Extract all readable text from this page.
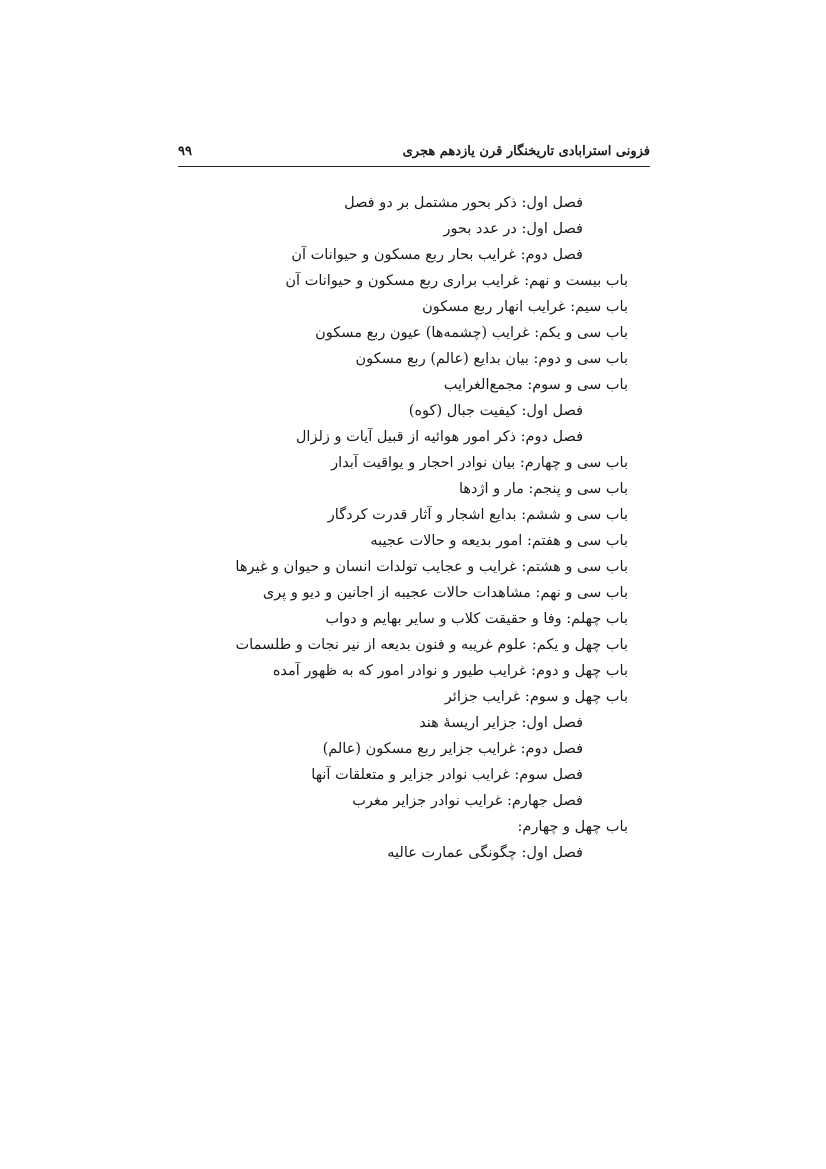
۹۹	فزونی استرابادی تاریخنگار قرن یازدهم هجری
فصل اول: ذکر بحور مشتمل بر دو فصل
فصل اول: در عدد بحور
فصل دوم: غرایب بحار ربع مسکون و حیوانات آن
باب بیست و نهم: غرایب براری ربع مسکون و حیوانات آن
باب سیم: غرایب انهار ربع مسکون
باب سی و یکم: غرایب (چشمه‌ها) عیون ربع مسکون
باب سی و دوم: بیان بدایع (عالم) ربع مسکون
باب سی و سوم: مجمع‌الغرایب
فصل اول: کیفیت جبال (کوه)
فصل دوم: ذکر امور هوائیه از قبیل آیات و زلزال
باب سی و چهارم: بیان نوادر احجار و یواقیت آبدار
باب سی و پنجم: مار و اژدها
باب سی و ششم: بدایع اشجار و آثار قدرت کردگار
باب سی و هفتم: امور بدیعه و حالات عجیبه
باب سی و هشتم: غرایب و عجایب تولدات انسان و حیوان و غیرها
باب سی و نهم: مشاهدات حالات عجیبه از اجانین و دیو و پری
باب چهلم: وفا و حقیقت کلاب و سایر بهایم و دواب
باب چهل و یکم: علوم غریبه و فنون بدیعه از نیر نجات و طلسمات
باب چهل و دوم: غرایب طیور و نوادر امور که به ظهور آمده
باب چهل و سوم: غرایب جزائر
فصل اول: جزایر اریسهٔ هند
فصل دوم: غرایب جزایر ربع مسکون (عالم)
فصل سوم: غرایب نوادر جزایر و متعلقات آنها
فصل جهارم: غرایب نوادر جزایر مغرب
باب چهل و چهارم:
فصل اول: چگونگی عمارت عالیه
